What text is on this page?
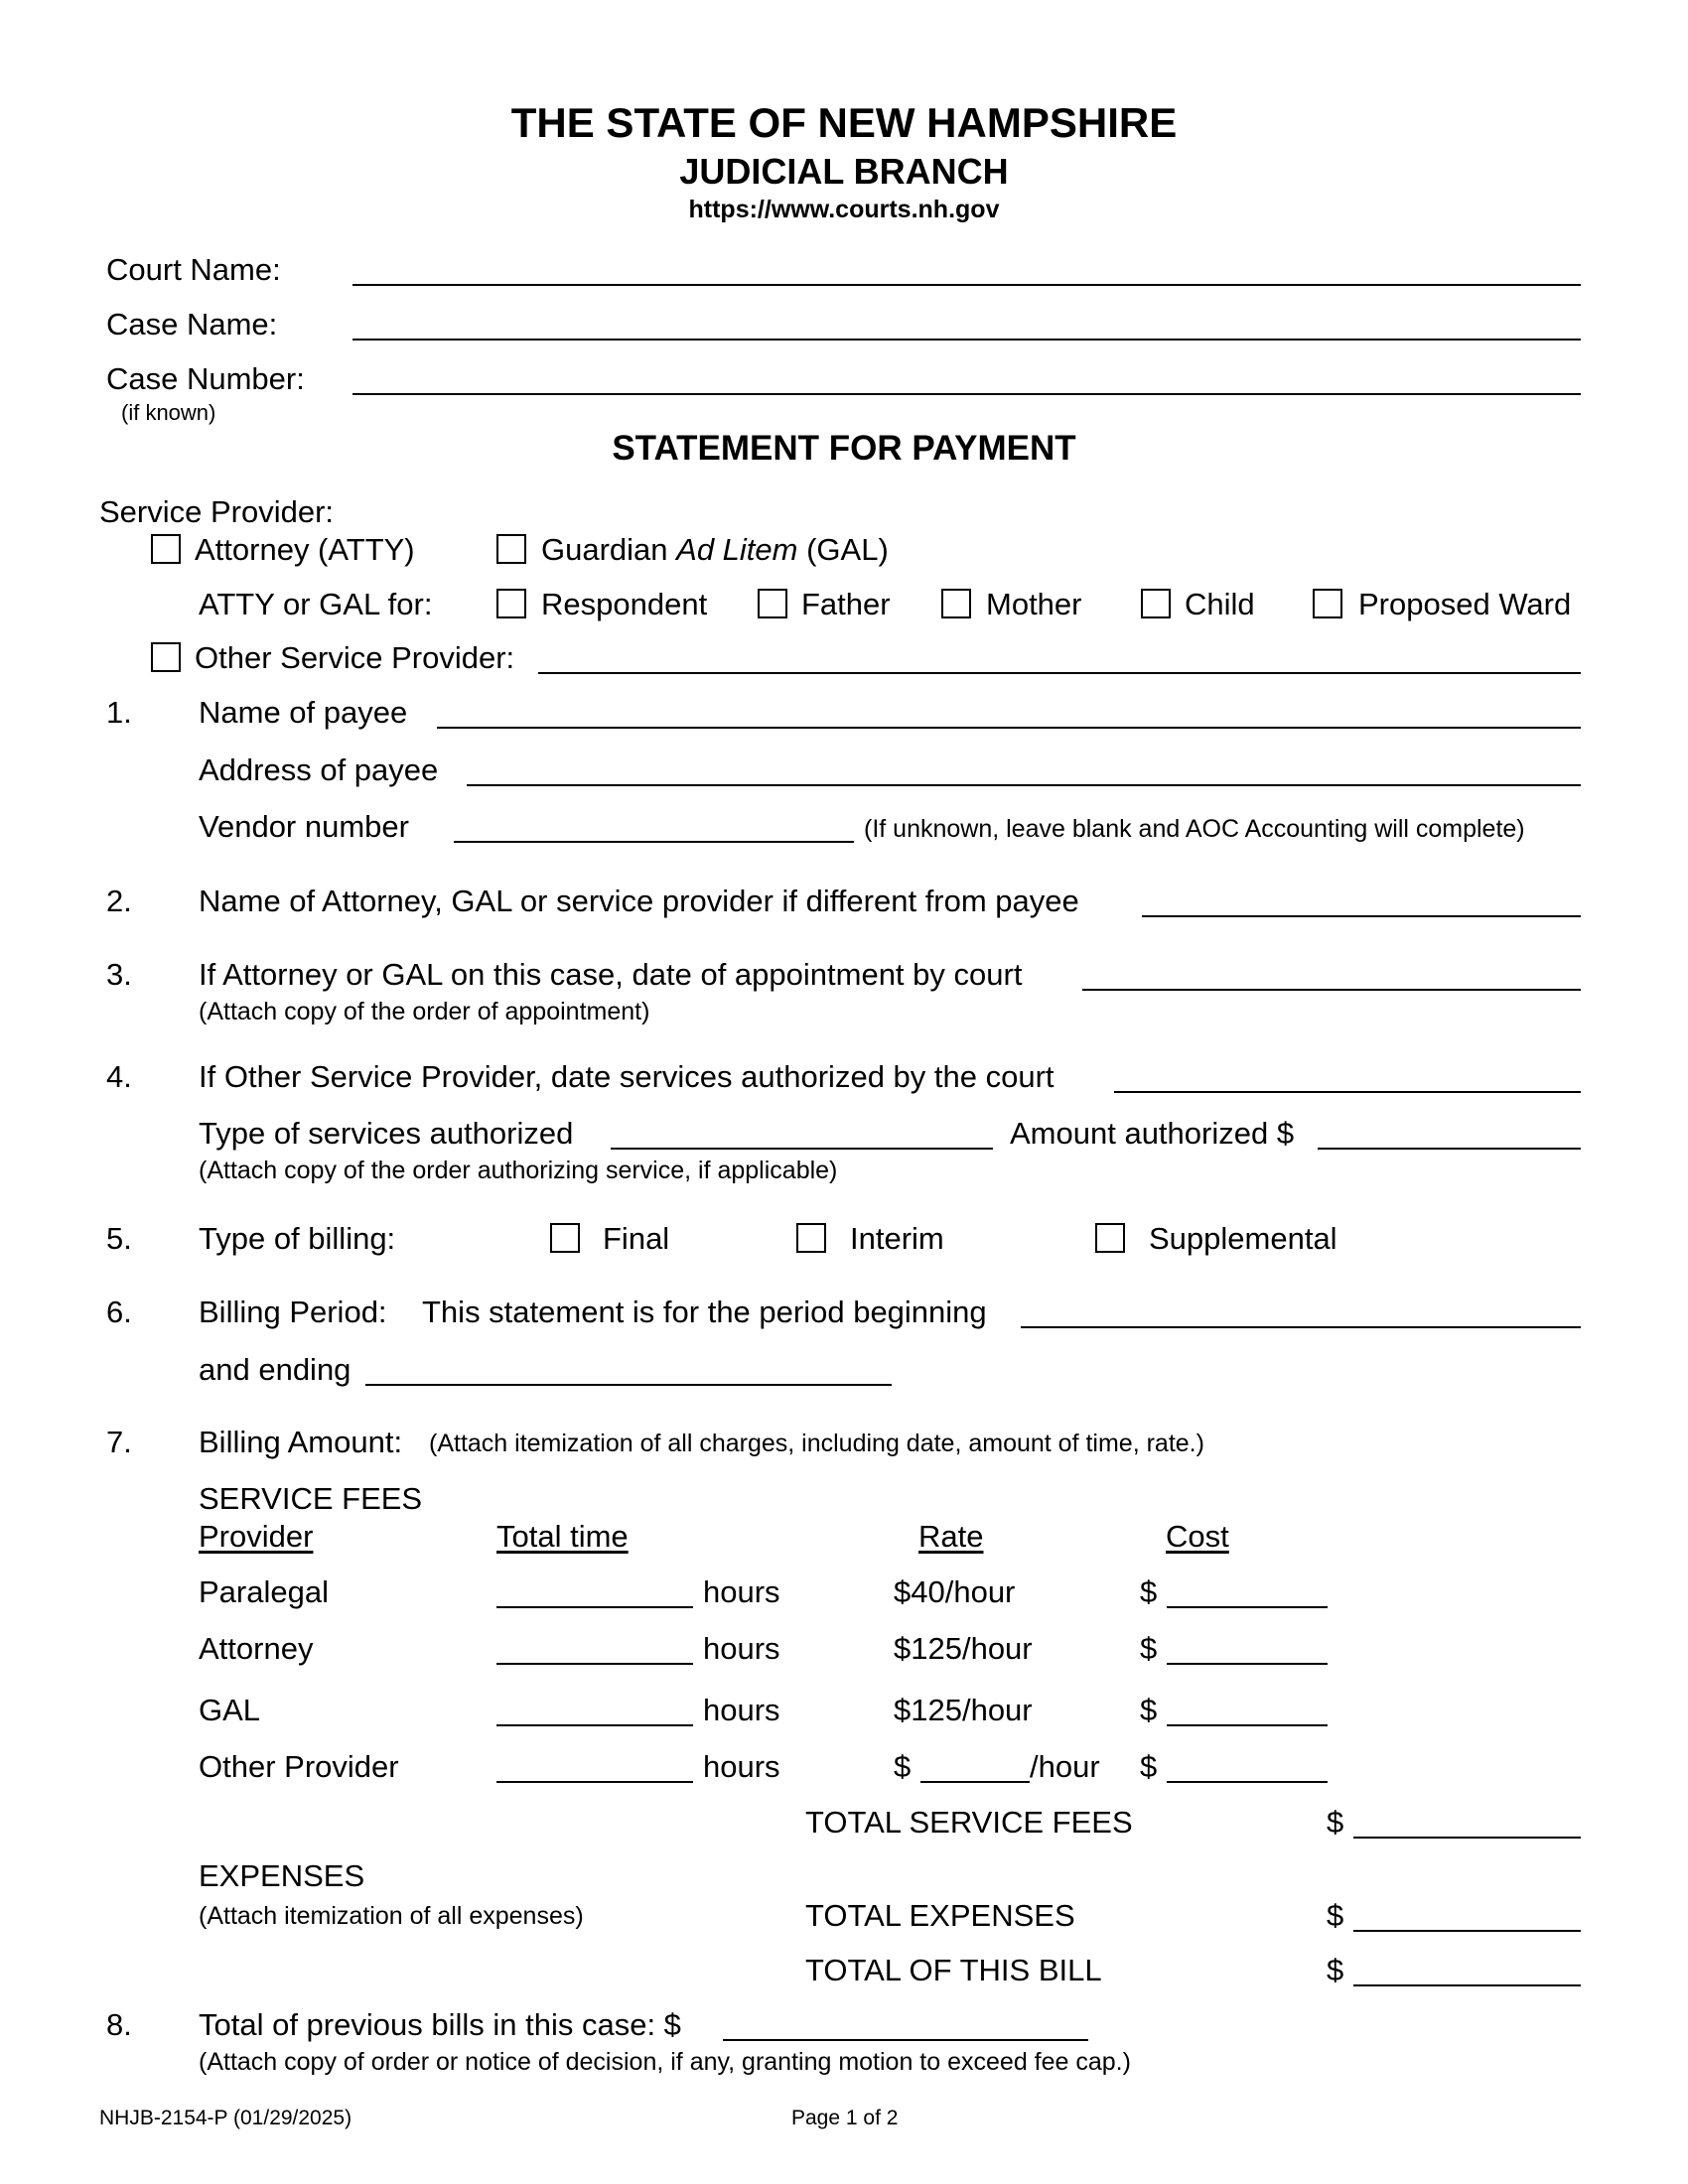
THE STATE OF NEW HAMPSHIRE
JUDICIAL BRANCH
https://www.courts.nh.gov
Court Name:
Case Name:
Case Number:
(if known)
STATEMENT FOR PAYMENT
Service Provider:
Attorney (ATTY)	Guardian Ad Litem (GAL)
ATTY or GAL for:	Respondent	Father	Mother	Child	Proposed Ward
Other Service Provider:
1. Name of payee
Address of payee
Vendor number	(If unknown, leave blank and AOC Accounting will complete)
2. Name of Attorney, GAL or service provider if different from payee
3. If Attorney or GAL on this case, date of appointment by court
(Attach copy of the order of appointment)
4. If Other Service Provider, date services authorized by the court
Type of services authorized	Amount authorized $
(Attach copy of the order authorizing service, if applicable)
5. Type of billing:	Final	Interim	Supplemental
6. Billing Period: This statement is for the period beginning
and ending
7. Billing Amount: (Attach itemization of all charges, including date, amount of time, rate.)
SERVICE FEES
Provider	Total time	Rate	Cost
Paralegal	hours	$40/hour	$
Attorney	hours	$125/hour	$
GAL	hours	$125/hour	$
Other Provider	hours	$	/hour $
TOTAL SERVICE FEES	$
EXPENSES
(Attach itemization of all expenses)	TOTAL EXPENSES	$
TOTAL OF THIS BILL	$
8. Total of previous bills in this case: $
(Attach copy of order or notice of decision, if any, granting motion to exceed fee cap.)
NHJB-2154-P (01/29/2025)	Page 1 of 2
